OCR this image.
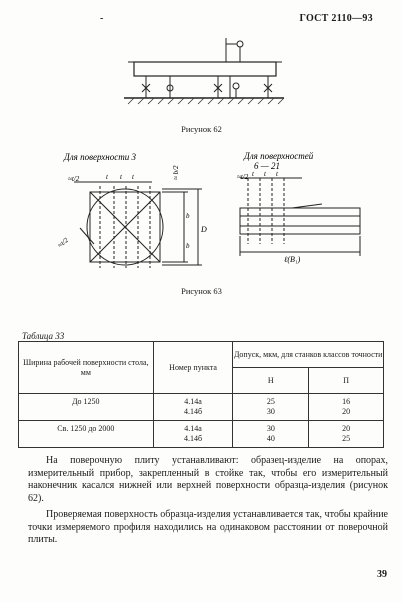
-	ГОСТ 2110—93
Рисунок 62
Для поверхности 3	Для поверхностей
6 — 21
≈t/2	t t t	≈ b/2
b
b
D
≈t/2
≈t/2 t t t
ℓ(B₁)
Рисунок 63
Таблица 33
Ширина рабочей поверхности стола, мм	Номер пункта	Допуск, мкм, для станков классов точности	
		Н	П
До 1250	4.14а	25	16
	4.14б	30	20
Св. 1250 до 2000	4.14а	30	20
	4.14б	40	25

На поверочную плиту устанавливают: образец-изделие на опорах, измерительный прибор, закрепленный в стойке так, чтобы его измерительный наконечник касался нижней или верхней поверхности образца-изделия (рисунок 62).

Проверяемая поверхность образца-изделия устанавливается так, чтобы крайние точки измеряемого профиля находились на одинаковом расстоянии от поверочной плиты.

39
